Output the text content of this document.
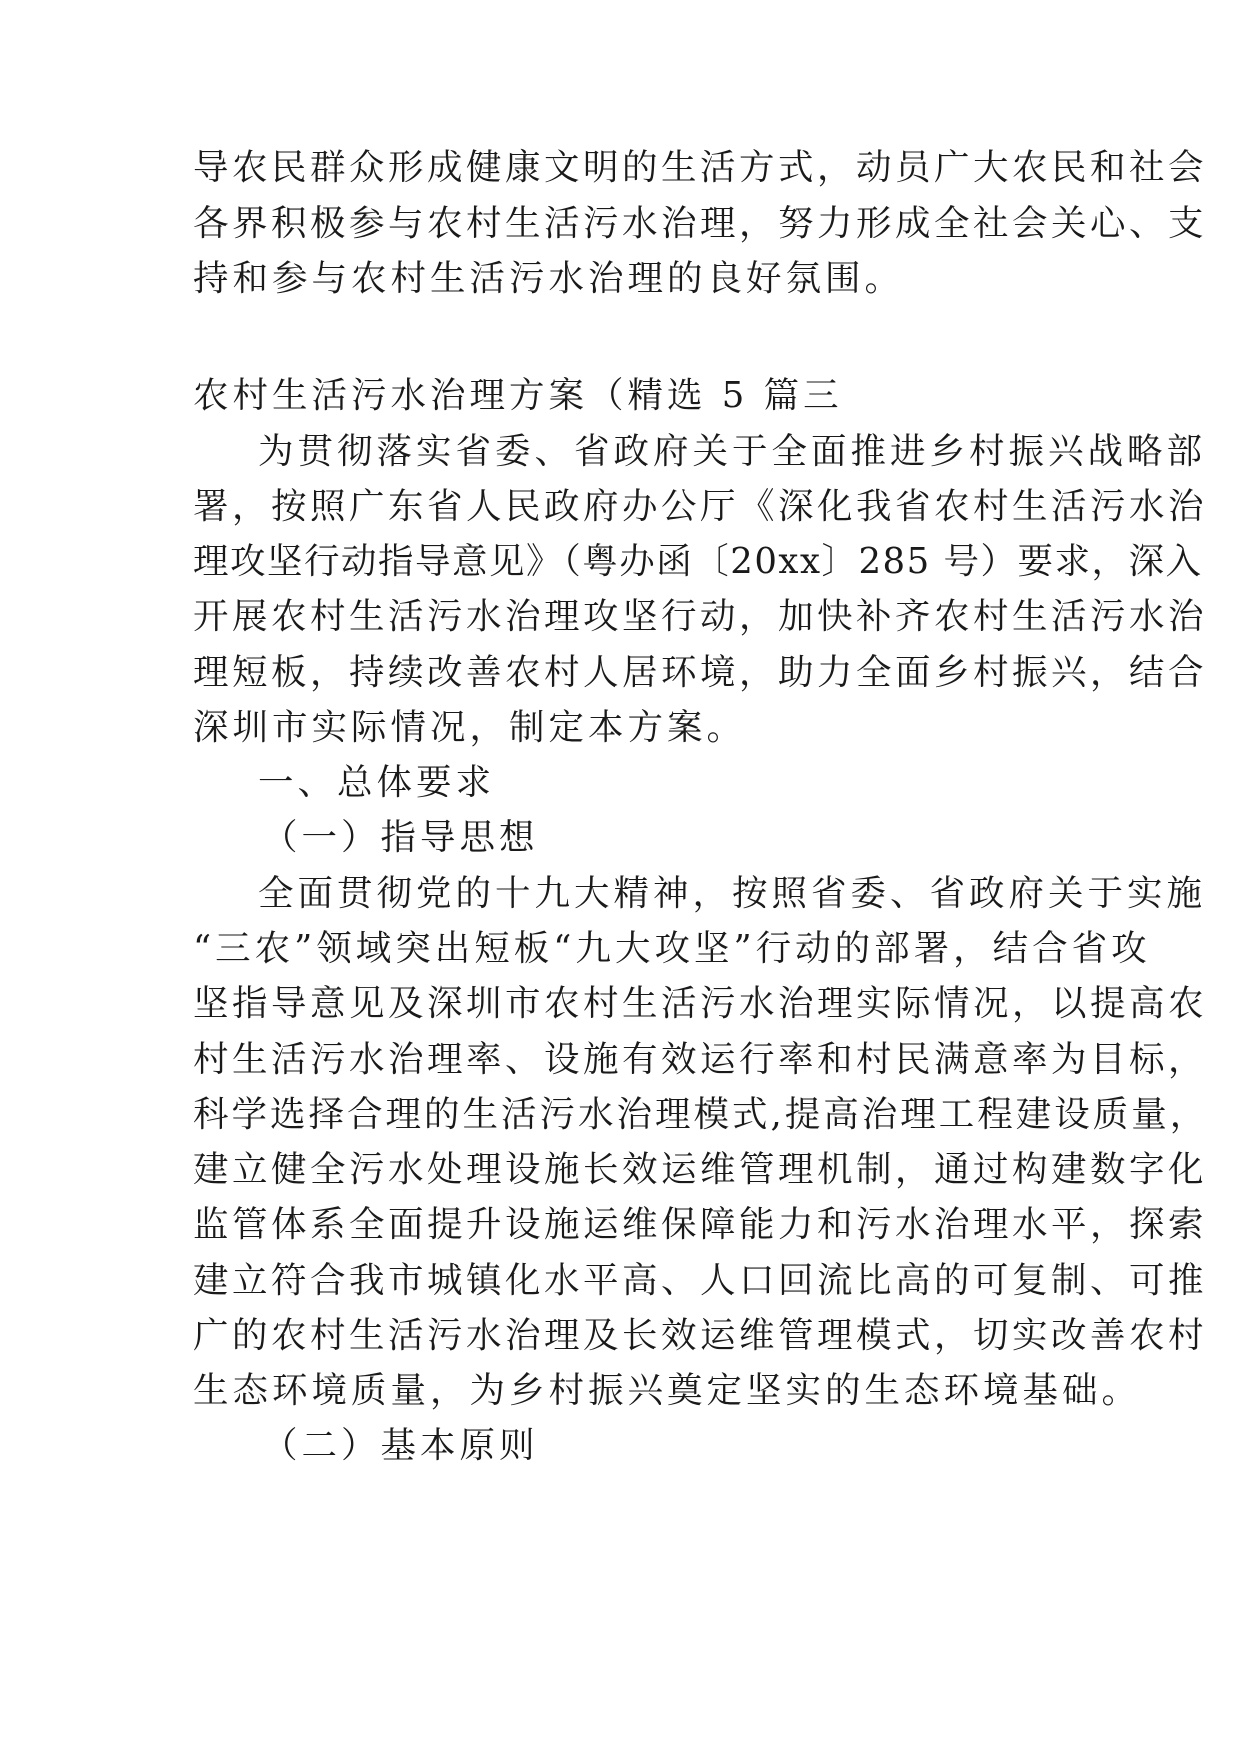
导农民群众形成健康文明的生活方式，动员广大农民和社会
各界积极参与农村生活污水治理，努力形成全社会关心、支
持和参与农村生活污水治理的良好氛围。
农村生活污水治理方案（精选 5 篇三
为贯彻落实省委、省政府关于全面推进乡村振兴战略部
署，按照广东省人民政府办公厅《深化我省农村生活污水治
理攻坚行动指导意见》（粤办函〔20xx〕285 号）要求，深入
开展农村生活污水治理攻坚行动，加快补齐农村生活污水治
理短板，持续改善农村人居环境，助力全面乡村振兴，结合
深圳市实际情况，制定本方案。
一、总体要求
（一）指导思想
全面贯彻党的十九大精神，按照省委、省政府关于实施
“三农”领域突出短板“九大攻坚”行动的部署，结合省攻
坚指导意见及深圳市农村生活污水治理实际情况，以提高农
村生活污水治理率、设施有效运行率和村民满意率为目标，
科学选择合理的生活污水治理模式,提高治理工程建设质量，
建立健全污水处理设施长效运维管理机制，通过构建数字化
监管体系全面提升设施运维保障能力和污水治理水平，探索
建立符合我市城镇化水平高、人口回流比高的可复制、可推
广的农村生活污水治理及长效运维管理模式，切实改善农村
生态环境质量，为乡村振兴奠定坚实的生态环境基础。
（二）基本原则
